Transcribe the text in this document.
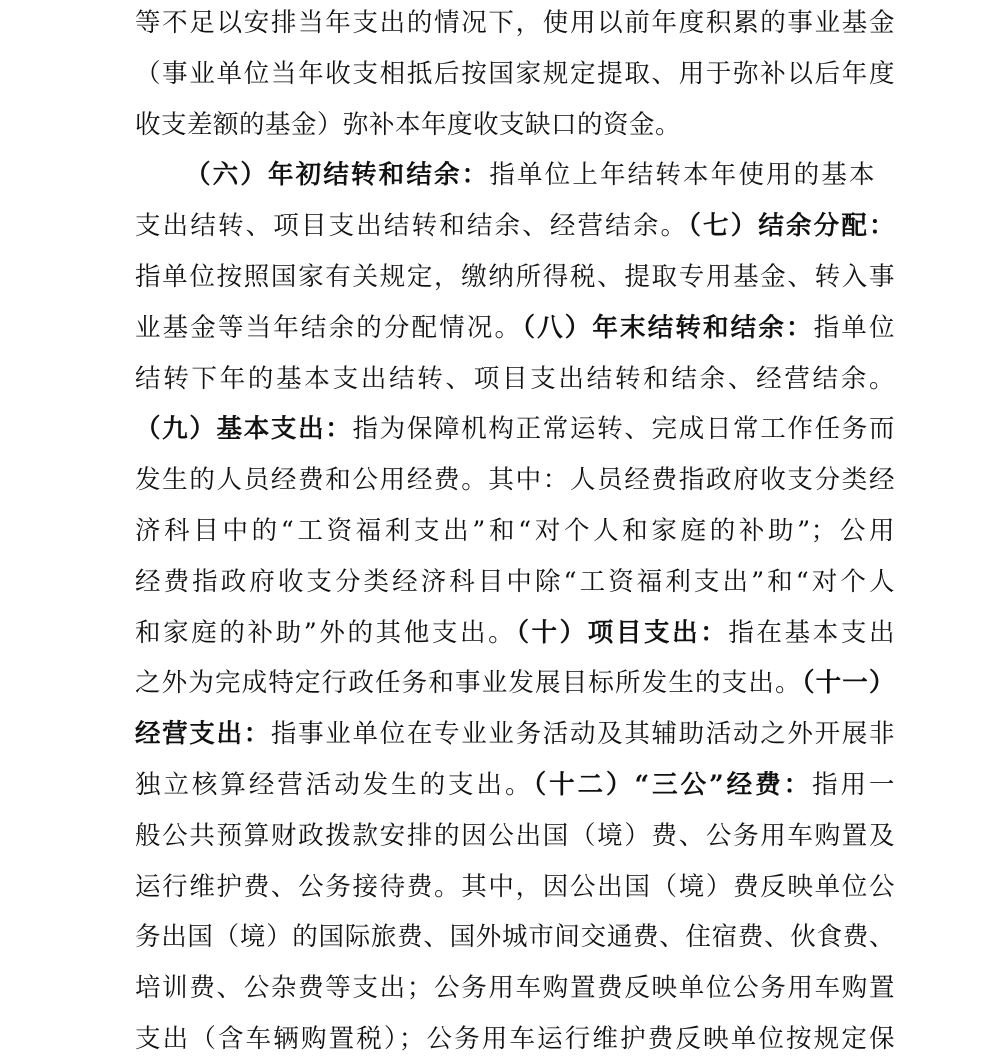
等不足以安排当年支出的情况下，使用以前年度积累的事业基金
（事业单位当年收支相抵后按国家规定提取、用于弥补以后年度
收支差额的基金）弥补本年度收支缺口的资金。
（六）年初结转和结余：指单位上年结转本年使用的基本
支出结转、项目支出结转和结余、经营结余。（七）结余分配：
指单位按照国家有关规定，缴纳所得税、提取专用基金、转入事
业基金等当年结余的分配情况。（八）年末结转和结余：指单位
结转下年的基本支出结转、项目支出结转和结余、经营结余。
（九）基本支出：指为保障机构正常运转、完成日常工作任务而
发生的人员经费和公用经费。其中：人员经费指政府收支分类经
济科目中的“工资福利支出”和“对个人和家庭的补助”；公用
经费指政府收支分类经济科目中除“工资福利支出”和“对个人
和家庭的补助”外的其他支出。（十）项目支出：指在基本支出
之外为完成特定行政任务和事业发展目标所发生的支出。（十一）
经营支出：指事业单位在专业业务活动及其辅助活动之外开展非
独立核算经营活动发生的支出。（十二）“三公”经费：指用一
般公共预算财政拨款安排的因公出国（境）费、公务用车购置及
运行维护费、公务接待费。其中，因公出国（境）费反映单位公
务出国（境）的国际旅费、国外城市间交通费、住宿费、伙食费、
培训费、公杂费等支出；公务用车购置费反映单位公务用车购置
支出（含车辆购置税）；公务用车运行维护费反映单位按规定保
